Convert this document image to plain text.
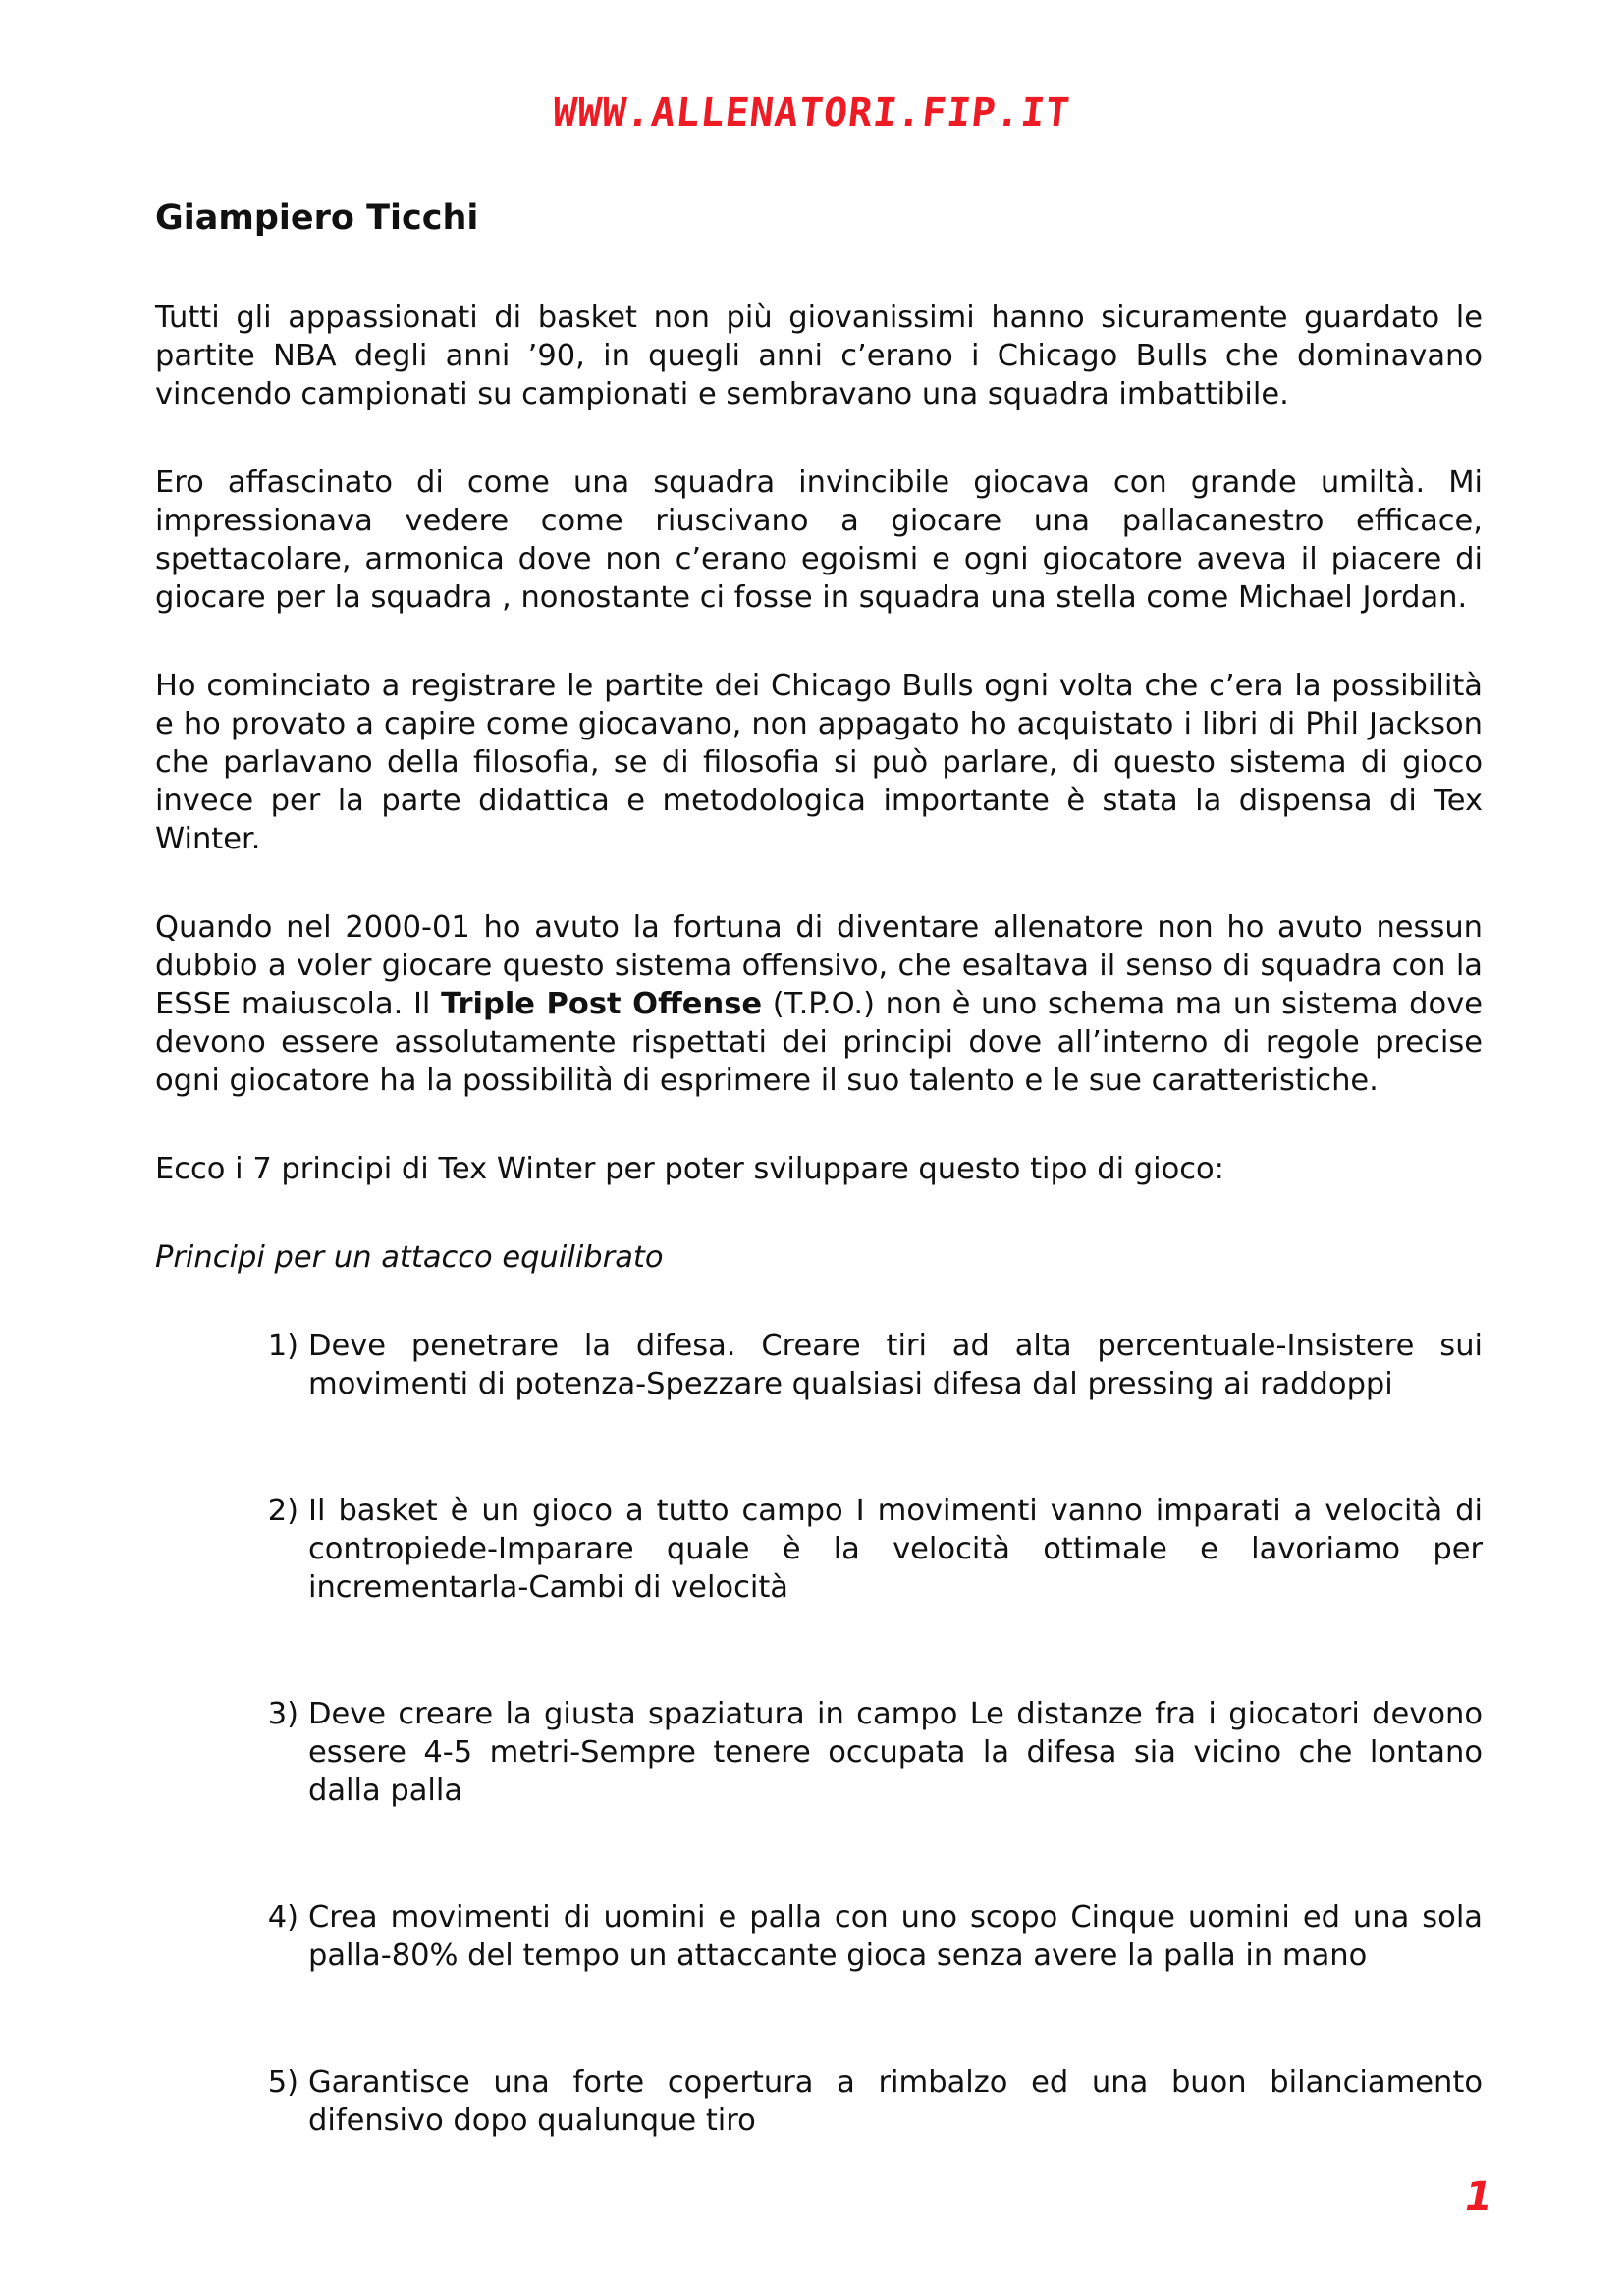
WWW.ALLENATORI.FIP.IT
Giampiero Ticchi

Tutti gli appassionati di basket non più giovanissimi hanno sicuramente guardato le partite NBA degli anni ’90, in quegli anni c’erano i Chicago Bulls che dominavano vincendo campionati su campionati e sembravano una squadra imbattibile.

Ero affascinato di come una squadra invincibile giocava con grande umiltà. Mi impressionava vedere come riuscivano a giocare una pallacanestro efficace, spettacolare, armonica dove non c’erano egoismi e ogni giocatore aveva il piacere di giocare per la squadra , nonostante ci fosse in squadra una stella come Michael Jordan.

Ho cominciato a registrare le partite dei Chicago Bulls ogni volta che c’era la possibilità e ho provato a capire come giocavano, non appagato ho acquistato i libri di Phil Jackson che parlavano della filosofia, se di filosofia si può parlare, di questo sistema di gioco invece per la parte didattica e metodologica importante è stata la dispensa di Tex Winter.

Quando nel 2000-01 ho avuto la fortuna di diventare allenatore non ho avuto nessun dubbio a voler giocare questo sistema offensivo, che esaltava il senso di squadra con la ESSE maiuscola. Il Triple Post Offense (T.P.O.) non è uno schema ma un sistema dove devono essere assolutamente rispettati dei principi dove all’interno di regole precise ogni giocatore ha la possibilità di esprimere il suo talento e le sue caratteristiche.

Ecco i 7 principi di Tex Winter per poter sviluppare questo tipo di gioco:

Principi per un attacco equilibrato

1) Deve penetrare la difesa. Creare tiri ad alta percentuale-Insistere sui movimenti di potenza-Spezzare qualsiasi difesa dal pressing ai raddoppi
2) Il basket è un gioco a tutto campo I movimenti vanno imparati a velocità di contropiede-Imparare quale è la velocità ottimale e lavoriamo per incrementarla-Cambi di velocità
3) Deve creare la giusta spaziatura in campo Le distanze fra i giocatori devono essere 4-5 metri-Sempre tenere occupata la difesa sia vicino che lontano dalla palla
4) Crea movimenti di uomini e palla con uno scopo Cinque uomini ed una sola palla-80% del tempo un attaccante gioca senza avere la palla in mano
5) Garantisce una forte copertura a rimbalzo ed una buon bilanciamento difensivo dopo qualunque tiro
1
